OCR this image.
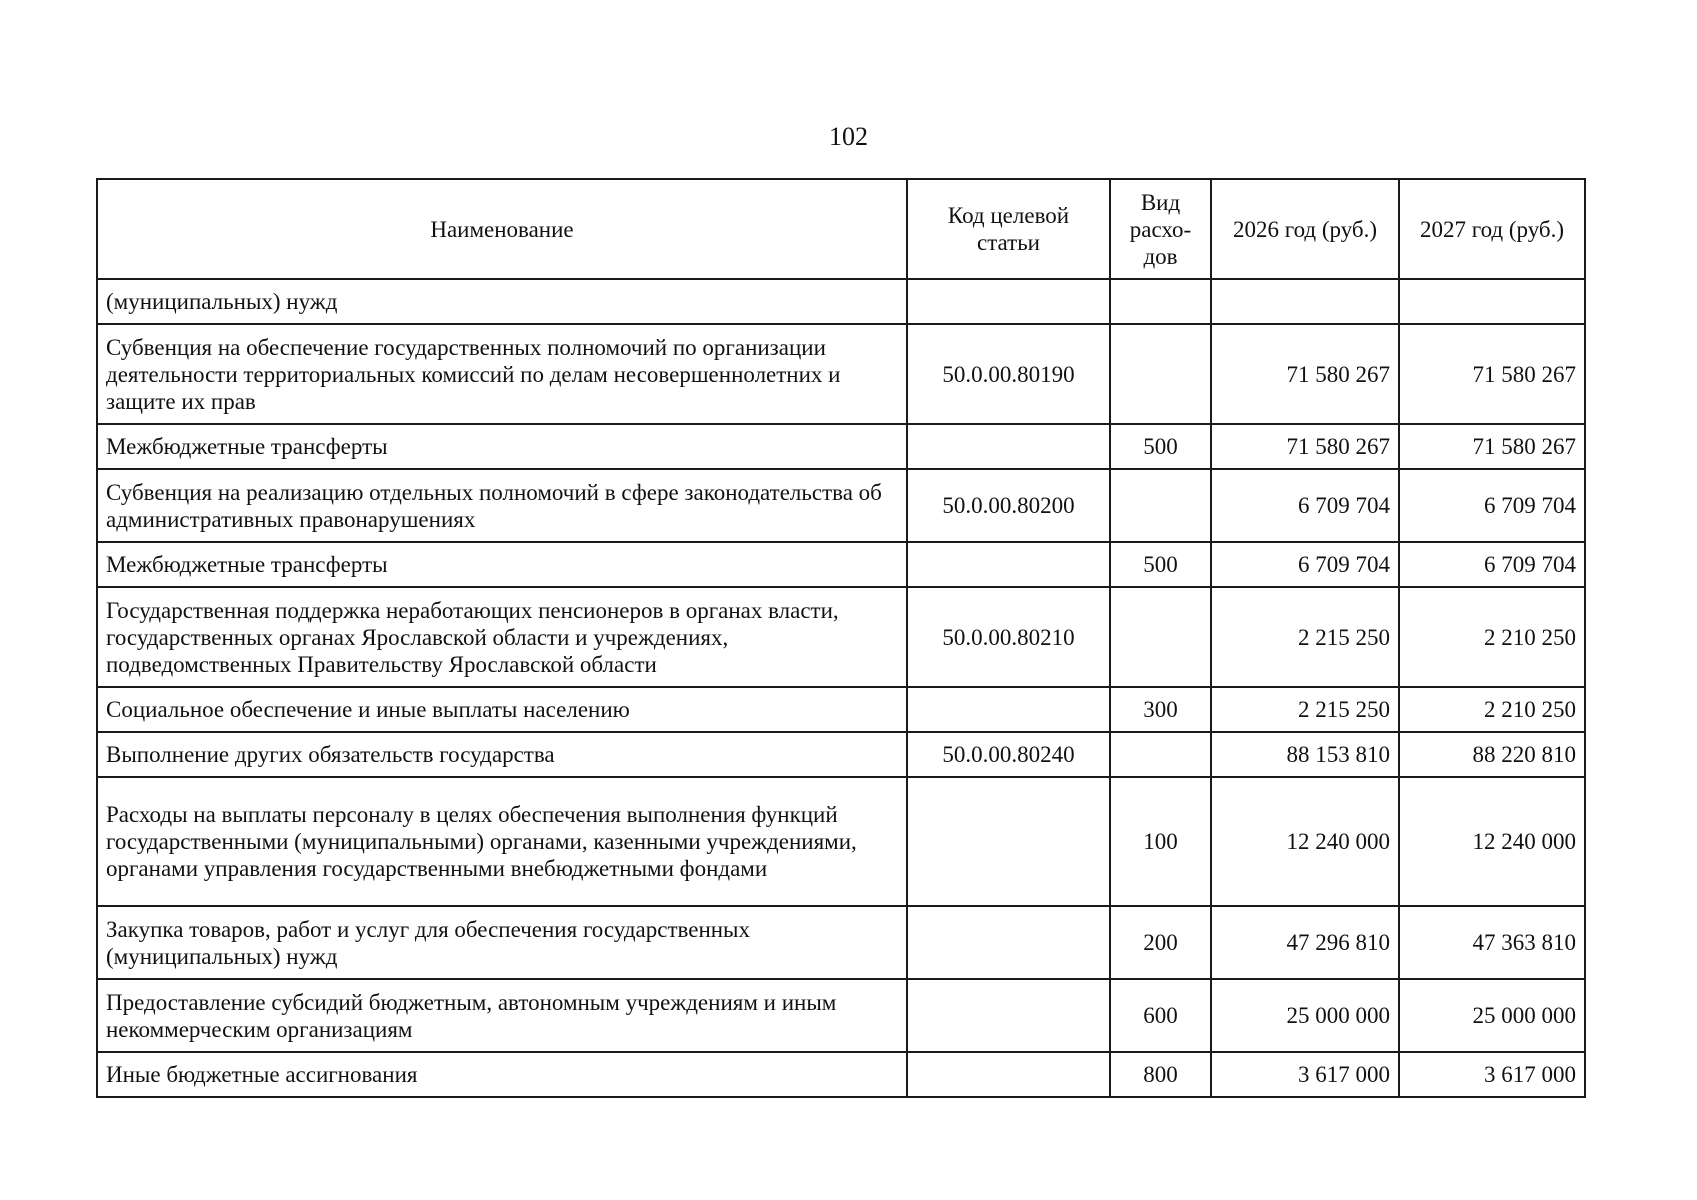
102
Наименование	Код целевой статьи	Вид расхо-дов	2026 год (руб.)	2027 год (руб.)
(муниципальных) нужд				
Субвенция на обеспечение государственных полномочий по организации деятельности территориальных комиссий по делам несовершеннолетних и защите их прав	50.0.00.80190		71 580 267	71 580 267
Межбюджетные трансферты		500	71 580 267	71 580 267
Субвенция на реализацию отдельных полномочий в сфере законодательства об административных правонарушениях	50.0.00.80200		6 709 704	6 709 704
Межбюджетные трансферты		500	6 709 704	6 709 704
Государственная поддержка неработающих пенсионеров в органах власти, государственных органах Ярославской области и учреждениях, подведомственных Правительству Ярославской области	50.0.00.80210		2 215 250	2 210 250
Социальное обеспечение и иные выплаты населению		300	2 215 250	2 210 250
Выполнение других обязательств государства	50.0.00.80240		88 153 810	88 220 810
Расходы на выплаты персоналу в целях обеспечения выполнения функций государственными (муниципальными) органами, казенными учреждениями, органами управления государственными внебюджетными фондами		100	12 240 000	12 240 000
Закупка товаров, работ и услуг для обеспечения государственных (муниципальных) нужд		200	47 296 810	47 363 810
Предоставление субсидий бюджетным, автономным учреждениям и иным некоммерческим организациям		600	25 000 000	25 000 000
Иные бюджетные ассигнования		800	3 617 000	3 617 000
